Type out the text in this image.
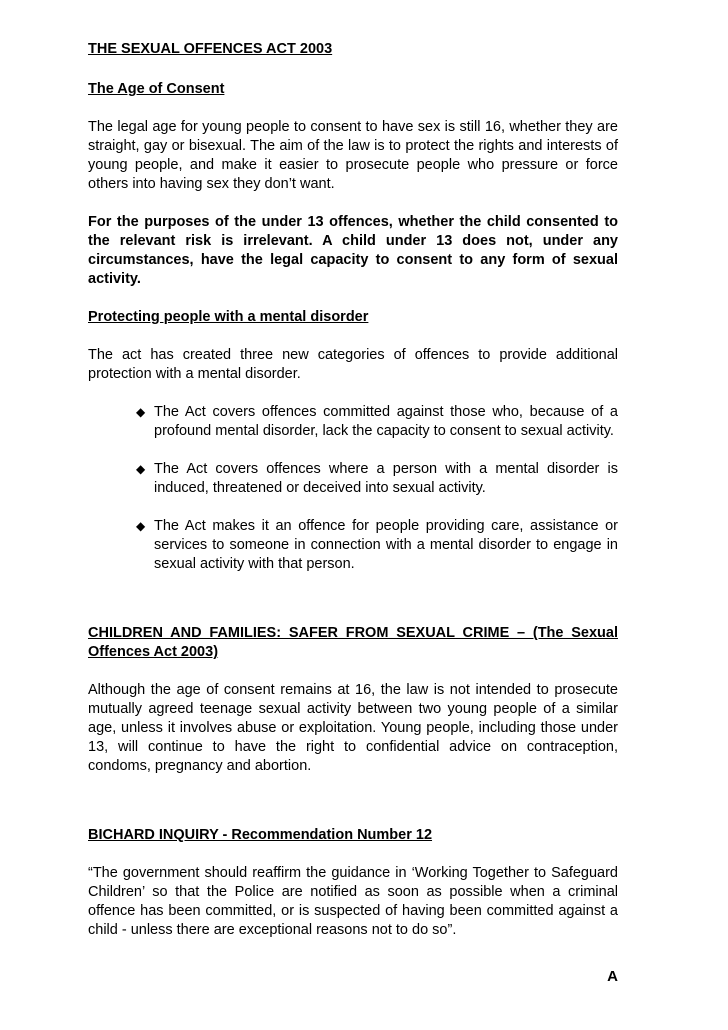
THE SEXUAL OFFENCES ACT 2003

The Age of Consent

The legal age for young people to consent to have sex is still 16, whether they are straight, gay or bisexual. The aim of the law is to protect the rights and interests of young people, and make it easier to prosecute people who pressure or force others into having sex they don’t want.

For the purposes of the under 13 offences, whether the child consented to the relevant risk is irrelevant. A child under 13 does not, under any circumstances, have the legal capacity to consent to any form of sexual activity.

Protecting people with a mental disorder

The act has created three new categories of offences to provide additional protection with a mental disorder.

◆ The Act covers offences committed against those who, because of a profound mental disorder, lack the capacity to consent to sexual activity.
◆ The Act covers offences where a person with a mental disorder is induced, threatened or deceived into sexual activity.
◆ The Act makes it an offence for people providing care, assistance or services to someone in connection with a mental disorder to engage in sexual activity with that person.

CHILDREN AND FAMILIES: SAFER FROM SEXUAL CRIME – (The Sexual Offences Act 2003)

Although the age of consent remains at 16, the law is not intended to prosecute mutually agreed teenage sexual activity between two young people of a similar age, unless it involves abuse or exploitation. Young people, including those under 13, will continue to have the right to confidential advice on contraception, condoms, pregnancy and abortion.

BICHARD INQUIRY - Recommendation Number 12

“The government should reaffirm the guidance in ‘Working Together to Safeguard Children’ so that the Police are notified as soon as possible when a criminal offence has been committed, or is suspected of having been committed against a child - unless there are exceptional reasons not to do so”.

A
